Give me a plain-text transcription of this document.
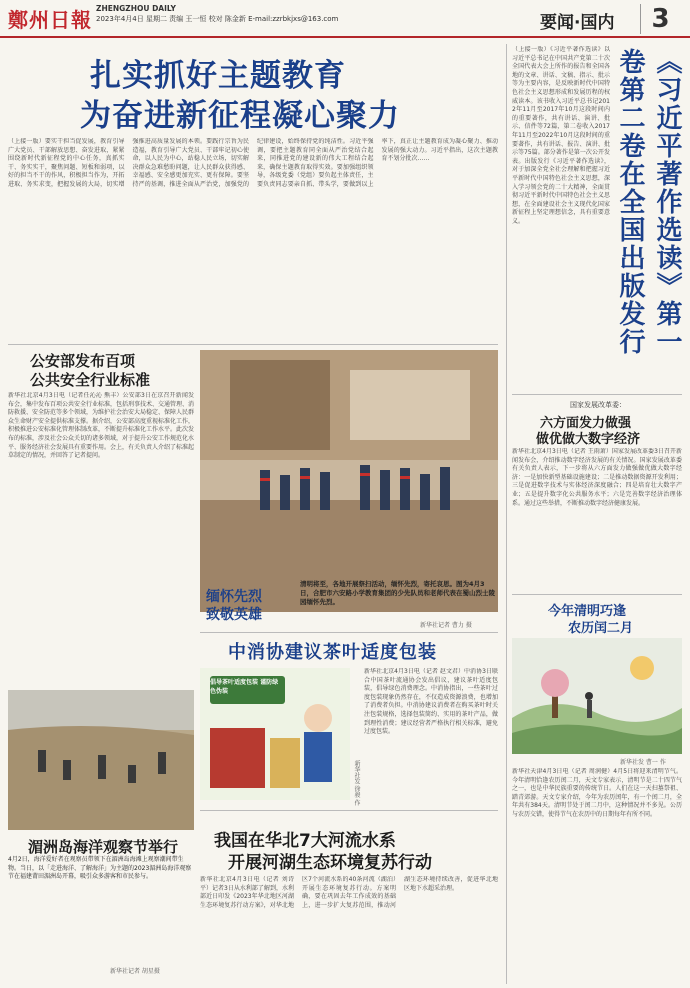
鄭州日報 ZHENGZHOU DAILY
2023年4月4日 星期二 责编 王一恒 校对 陈金新 E-mail:zzrbkjxs@163.com	要闻·国内	3
扎实抓好主题教育
为奋进新征程凝心聚力
（上接一版）要实干担当促发展，教育引导广大党员、干部解放思想、奋发进取，紧紧围绕新时代新征程党的中心任务，真抓实干、务实实干，聚焦问题、短板和弱项，以好的担当不干的作风，积极担当作为，开拓进取、务实求变，把握发展的大局，切实增强推进高质量发展的本领。要践行宗旨为民造福，教育引导广大党员、干部牢记初心使命，以人民为中心，站稳人民立场，切实解决群众急难愁盼问题，让人民群众获得感、幸福感、安全感更加充实、更有保障。要坚持严的基调，推进全面从严治党，加强党的纪律建设，始终保持党的纯洁性。习近平强调，要把主题教育同全面从严治党结合起来，同推进党的建设新的伟大工程结合起来，确保主题教育取得实效。要加强组织领导，各级党委（党组）要负起主体责任，主要负责同志要亲自抓、带头学，要做到以上率下，真正让主题教育成为凝心聚力、推动发展的强大动力。习近平指出，这次主题教育不划分批次……	《习近平著作选读》第一卷第二卷在全国出版发行
（上接一版）《习近平著作选读》以习近平总书记在中国共产党第二十次全国代表大会上所作的报告和全国各地的文章、讲话、文稿、指示、批示等为主要内容，是反映新时代中国特色社会主义思想形成和发展历程的权威读本。该书收入习近平总书记2012年11月至2017年10月这段时间内的重要著作，共有讲话、演讲、批示、信件等72篇，第二卷收入2017年11月至2022年10月这段时间的重要著作，共有讲话、报告、演讲、批示等75篇。部分著作是第一次公开发表。出版发行《习近平著作选读》，对于加深全党全社会理解和把握习近平新时代中国特色社会主义思想，深入学习领会党的二十大精神，全面贯彻习近平新时代中国特色社会主义思想，在全面建设社会主义现代化国家新征程上坚定理想信念，具有重要意义。
公安部发布百项
公共安全行业标准
新华社北京4月3日电（记者任沁沁 熊丰）公安部3日在京召开新闻发布会，集中发布百项公共安全行业标准，包括刑事技术、交通管理、消防救援、安全防范等多个领域，为维护社会治安大局稳定、保障人民群众生命财产安全提供标准支撑。据介绍，公安部高度重视标准化工作，积极推进公安标准化管理体制改革，不断提升标准化工作水平。此次发布的标准，涉及社会公众关切的诸多领域，对于提升公安工作规范化水平、服务经济社会发展具有重要作用。会上，有关负责人介绍了标准起草制定的情况，并回答了记者提问。
缅怀先烈
致敬英雄
清明将至，各地开展祭扫活动，缅怀先烈，寄托哀思。图为4月3日，合肥市六安路小学教育集团的少先队员和老师代表在蜀山烈士陵园缅怀先烈。
新华社记者 曹力 摄
国家发展改革委：
六方面发力做强
做优做大数字经济
新华社北京4月3日电（记者 王雨萧）国家发展改革委3日召开新闻发布会，介绍推动数字经济发展的有关情况。国家发展改革委有关负责人表示，下一步将从六方面发力做强做优做大数字经济：一是加快新型基础设施建设；二是推动数据资源开发利用；三是促进数字技术与实体经济深度融合；四是培育壮大数字产业；五是提升数字化公共服务水平；六是完善数字经济治理体系。通过这些举措，不断推动数字经济健康发展。
今年清明巧逢
农历闰二月
新华社发 曹一 作
新华社天津4月3日电（记者 周润健）4月5日将迎来清明节气。今年清明恰逢农历闰二月，天文专家表示，清明节是二十四节气之一，也是中华民族重要的传统节日。人们在这一天扫墓祭祖、踏青郊游。天文专家介绍，今年为农历闰年，有一个闰二月，全年共有384天。清明节处于闰二月中，这种情况并不多见。公历与农历交错，使得节气在农历中的日期每年有所不同。
中消协建议茶叶适度包装
倡导茶叶适度包装 谨防绿色伪装
新华社发 徐骏 作
新华社北京4月3日电（记者 赵文君）中消协3日联合中国茶叶流通协会发出倡议，建议茶叶适度包装，倡导绿色消费理念。中消协指出，一些茶叶过度包装现象仍然存在，不仅造成资源浪费，也增加了消费者负担。中消协建议消费者在购买茶叶时关注包装规格，选择包装简约、实用的茶叶产品，做到理性消费；建议经营者严格执行相关标准，避免过度包装。
湄洲岛海洋观察节举行
4月2日，海洋爱好者在观察员带领下在湄洲岛海滩上观察潮间带生物。当日，以「走进海洋、了解海洋」为主题的2023湄洲岛海洋观察节在福建莆田湄洲岛开幕，吸引众多游客和市民参与。
新华社记者 胡星摄
我国在华北7大河流水系
开展河湖生态环境复苏行动
新华社北京4月3日电（记者 刘诗平）记者3日从水利部了解到，水利部近日印发《2023年华北地区河湖生态环境复苏行动方案》，对华北地区7个河流水系的40条河流（湖泊）开展生态环境复苏行动。方案明确，要在巩固去年工作成效的基础上，进一步扩大复苏范围，推动河湖生态环境持续改善，促进华北地区地下水超采治理。
